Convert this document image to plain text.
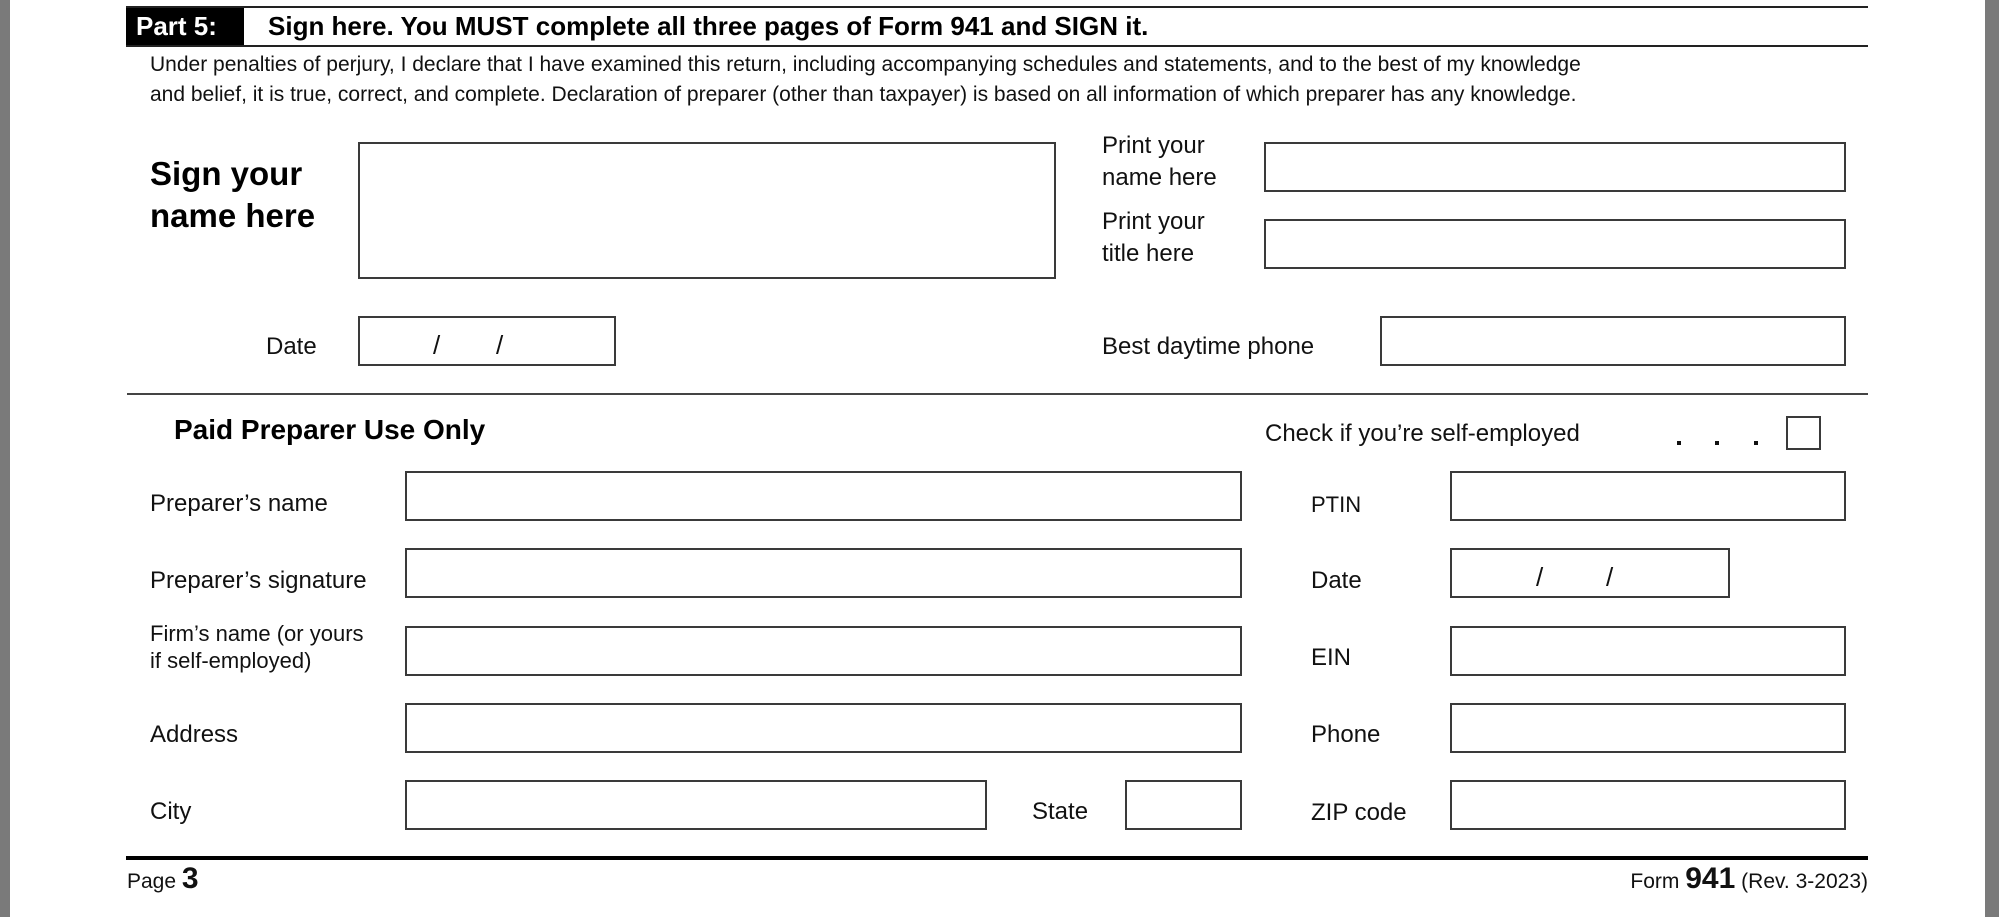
Part 5:	Sign here. You MUST complete all three pages of Form 941 and SIGN it.
Under penalties of perjury, I declare that I have examined this return, including accompanying schedules and statements, and to the best of my knowledge
and belief, it is true, correct, and complete. Declaration of preparer (other than taxpayer) is based on all information of which preparer has any knowledge.
Sign your
name here
Print your
name here
Print your
title here
Date	/ /	Best daytime phone
Paid Preparer Use Only	Check if you’re self-employed
Preparer’s name	PTIN
Preparer’s signature	Date	/ /
Firm’s name (or yours
if self-employed)	EIN
Address	Phone
City	State	ZIP code
Page 3	Form 941 (Rev. 3-2023)
